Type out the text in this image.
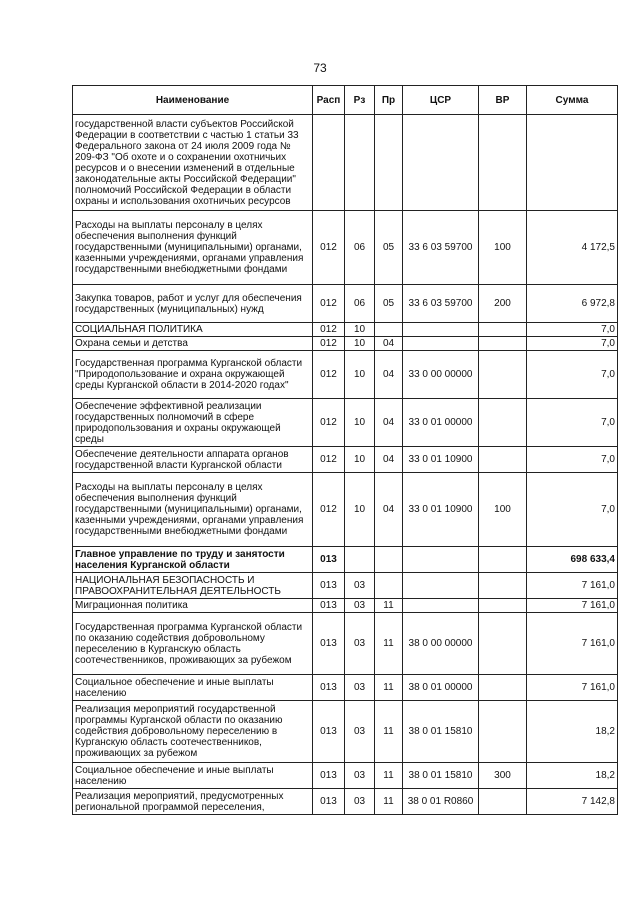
73
Наименование	Расп	Рз	Пр	ЦСР	ВР	Сумма
государственной власти субъектов Российской Федерации в соответствии с частью 1 статьи 33 Федерального закона от 24 июля 2009 года № 209-ФЗ "Об охоте и о сохранении охотничьих ресурсов и о внесении изменений в отдельные законодательные акты Российской Федерации" полномочий Российской Федерации в области охраны и использования охотничьих ресурсов						
Расходы на выплаты персоналу в целях обеспечения выполнения функций государственными (муниципальными) органами, казенными учреждениями, органами управления государственными внебюджетными фондами	012	06	05	33 6 03 59700	100	4 172,5
Закупка товаров, работ и услуг для обеспечения государственных (муниципальных) нужд	012	06	05	33 6 03 59700	200	6 972,8
СОЦИАЛЬНАЯ ПОЛИТИКА	012	10				7,0
Охрана семьи и детства	012	10	04			7,0
Государственная программа Курганской области "Природопользование и охрана окружающей среды Курганской области в 2014-2020 годах"	012	10	04	33 0 00 00000		7,0
Обеспечение эффективной реализации государственных полномочий в сфере природопользования и охраны окружающей среды	012	10	04	33 0 01 00000		7,0
Обеспечение деятельности аппарата органов государственной власти Курганской области	012	10	04	33 0 01 10900		7,0
Расходы на выплаты персоналу в целях обеспечения выполнения функций государственными (муниципальными) органами, казенными учреждениями, органами управления государственными внебюджетными фондами	012	10	04	33 0 01 10900	100	7,0
Главное управление по труду и занятости населения Курганской области	013					698 633,4
НАЦИОНАЛЬНАЯ БЕЗОПАСНОСТЬ И ПРАВООХРАНИТЕЛЬНАЯ ДЕЯТЕЛЬНОСТЬ	013	03				7 161,0
Миграционная политика	013	03	11			7 161,0
Государственная программа Курганской области по оказанию содействия добровольному переселению в Курганскую область соотечественников, проживающих за рубежом	013	03	11	38 0 00 00000		7 161,0
Социальное обеспечение и иные выплаты населению	013	03	11	38 0 01 00000		7 161,0
Реализация мероприятий государственной программы Курганской области по оказанию содействия добровольному переселению в Курганскую область соотечественников, проживающих за рубежом	013	03	11	38 0 01 15810		18,2
Социальное обеспечение и иные выплаты населению	013	03	11	38 0 01 15810	300	18,2
Реализация мероприятий, предусмотренных региональной программой переселения,	013	03	11	38 0 01 R0860		7 142,8
